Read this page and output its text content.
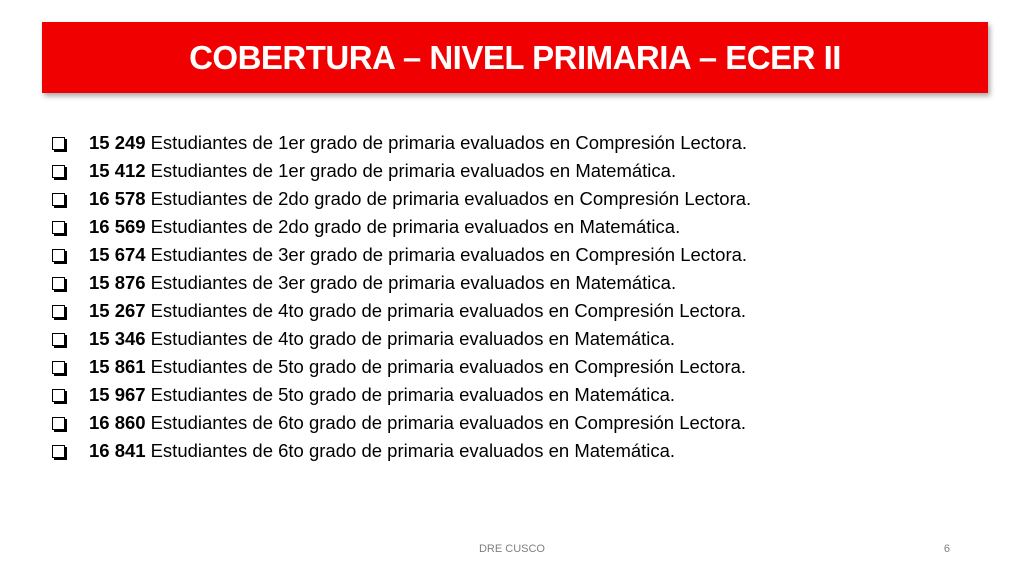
COBERTURA – NIVEL PRIMARIA – ECER II
15 249 Estudiantes de 1er grado de primaria evaluados en Compresión Lectora.
15 412 Estudiantes de 1er grado de primaria evaluados en Matemática.
16 578 Estudiantes de 2do grado de primaria evaluados en Compresión Lectora.
16 569 Estudiantes de 2do grado de primaria evaluados en Matemática.
15 674 Estudiantes de 3er grado de primaria evaluados en Compresión Lectora.
15 876 Estudiantes de 3er grado de primaria evaluados en Matemática.
15 267 Estudiantes de 4to grado de primaria evaluados en Compresión Lectora.
15 346 Estudiantes de 4to grado de primaria evaluados en Matemática.
15 861 Estudiantes de 5to grado de primaria evaluados en Compresión Lectora.
15 967 Estudiantes de 5to grado de primaria evaluados en Matemática.
16 860 Estudiantes de 6to grado de primaria evaluados en Compresión Lectora.
16 841 Estudiantes de 6to grado de primaria evaluados en Matemática.
DRE CUSCO	6
